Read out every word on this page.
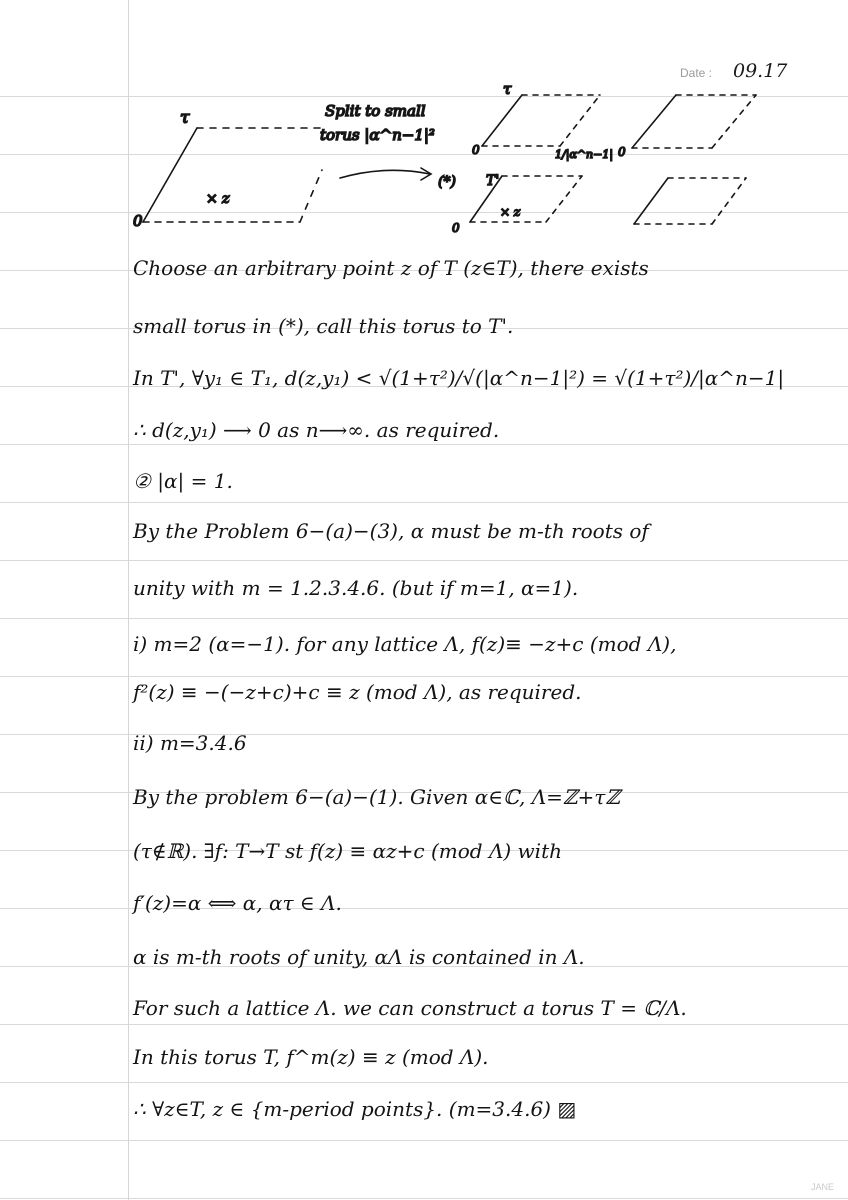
Date : 09.17
τ
0
× z
Split to small
torus |α^n−1|²
(*)
τ
0	1/|α^n−1| 0
T'
× z
0
Choose an arbitrary point z of T (z∈T), there exists
small torus in (*), call this torus to T'.
In T', ∀y₁ ∈ T₁, d(z,y₁) < √(1+τ²)/√(|α^n−1|²) = √(1+τ²)/|α^n−1|
∴ d(z,y₁) ⟶ 0 as n⟶∞. as required.
② |α| = 1.
By the Problem 6−(a)−(3), α must be m-th roots of
unity with m = 1.2.3.4.6. (but if m=1, α=1).
i) m=2 (α=−1). for any lattice Λ, f(z)≡ −z+c (mod Λ),
f²(z) ≡ −(−z+c)+c ≡ z (mod Λ), as required.
ii) m=3.4.6
By the problem 6−(a)−(1). Given α∈ℂ, Λ=ℤ+τℤ
(τ∉ℝ). ∃f: T→T st f(z) ≡ αz+c (mod Λ) with
f′(z)=α ⟺ α, ατ ∈ Λ.
α is m-th roots of unity, αΛ is contained in Λ.
For such a lattice Λ. we can construct a torus T = ℂ/Λ.
In this torus T, f^m(z) ≡ z (mod Λ).
∴ ∀z∈T, z ∈ {m-period points}. (m=3.4.6) ▨
JANE
